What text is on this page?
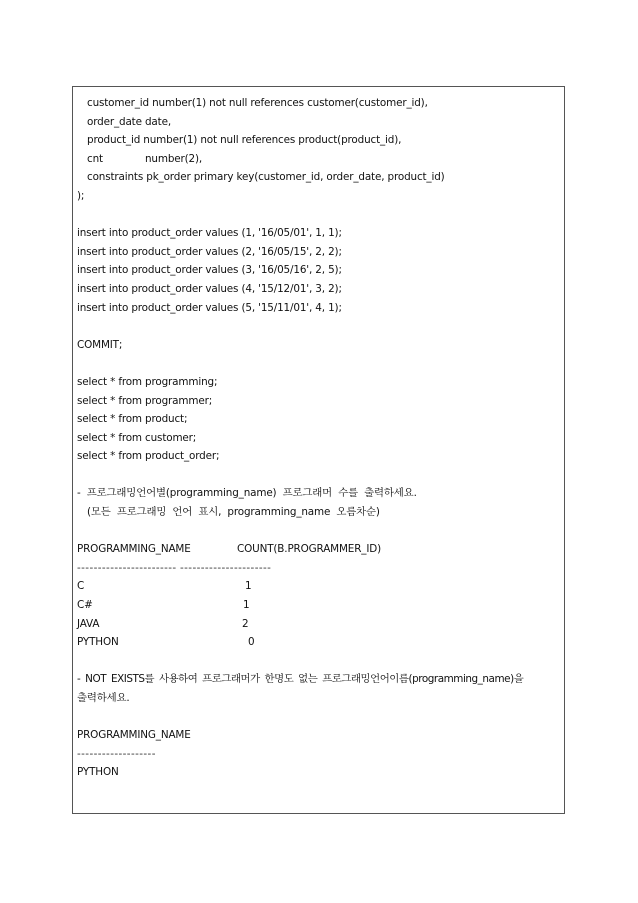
customer_id number(1) not null references customer(customer_id),
order_date date,
product_id number(1) not null references product(product_id),
cnt	number(2),
constraints pk_order primary key(customer_id, order_date, product_id)
);
insert into product_order values (1, '16/05/01', 1, 1);
insert into product_order values (2, '16/05/15', 2, 2);
insert into product_order values (3, '16/05/16', 2, 5);
insert into product_order values (4, '15/12/01', 3, 2);
insert into product_order values (5, '15/11/01', 4, 1);
COMMIT;
select * from programming;
select * from programmer;
select * from product;
select * from customer;
select * from product_order;
- 프로그래밍언어별(programming_name) 프로그래머 수를 출력하세요.
(모든 프로그래밍 언어 표시, programming_name 오름차순)
PROGRAMMING_NAME	COUNT(B.PROGRAMMER_ID)
------------------------ ----------------------
C	1
C#	1
JAVA	2
PYTHON	0
- NOT EXISTS를 사용하여 프로그래머가 한명도 없는 프로그래밍언어이름(programming_name)을
출력하세요.
PROGRAMMING_NAME
-------------------
PYTHON
